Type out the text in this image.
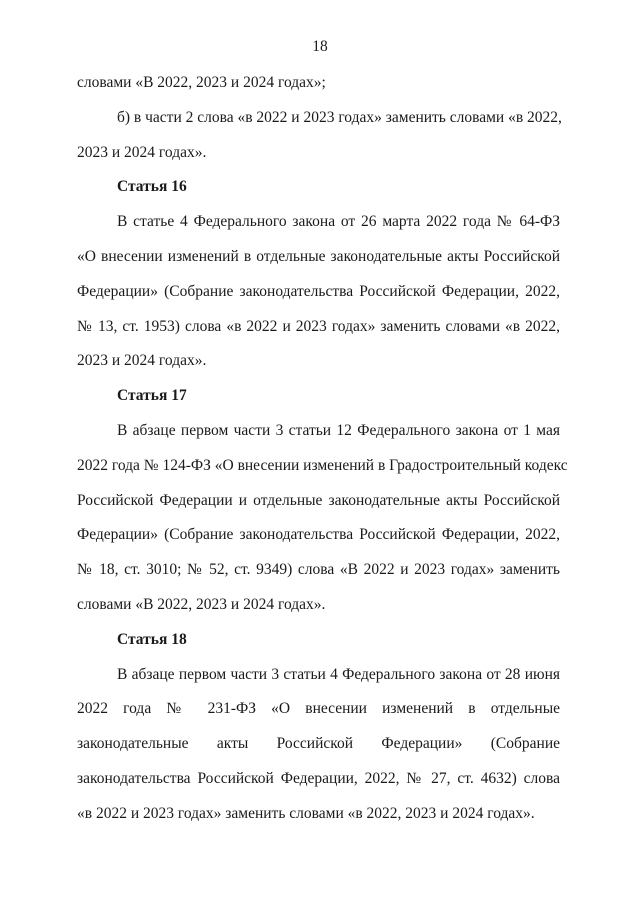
18
словами «В 2022, 2023 и 2024 годах»;
б) в части 2 слова «в 2022 и 2023 годах» заменить словами «в 2022,
2023 и 2024 годах».
Статья 16
В статье 4 Федерального закона от 26 марта 2022 года № 64-ФЗ
«О внесении изменений в отдельные законодательные акты Российской
Федерации» (Собрание законодательства Российской Федерации, 2022,
№ 13, ст. 1953) слова «в 2022 и 2023 годах» заменить словами «в 2022,
2023 и 2024 годах».
Статья 17
В абзаце первом части 3 статьи 12 Федерального закона от 1 мая
2022 года № 124-ФЗ «О внесении изменений в Градостроительный кодекс
Российской Федерации и отдельные законодательные акты Российской
Федерации» (Собрание законодательства Российской Федерации, 2022,
№ 18, ст. 3010; № 52, ст. 9349) слова «В 2022 и 2023 годах» заменить
словами «В 2022, 2023 и 2024 годах».
Статья 18
В абзаце первом части 3 статьи 4 Федерального закона от 28 июня
2022 года № 231-ФЗ «О внесении изменений в отдельные
законодательные акты Российской Федерации» (Собрание
законодательства Российской Федерации, 2022, № 27, ст. 4632) слова
«в 2022 и 2023 годах» заменить словами «в 2022, 2023 и 2024 годах».
